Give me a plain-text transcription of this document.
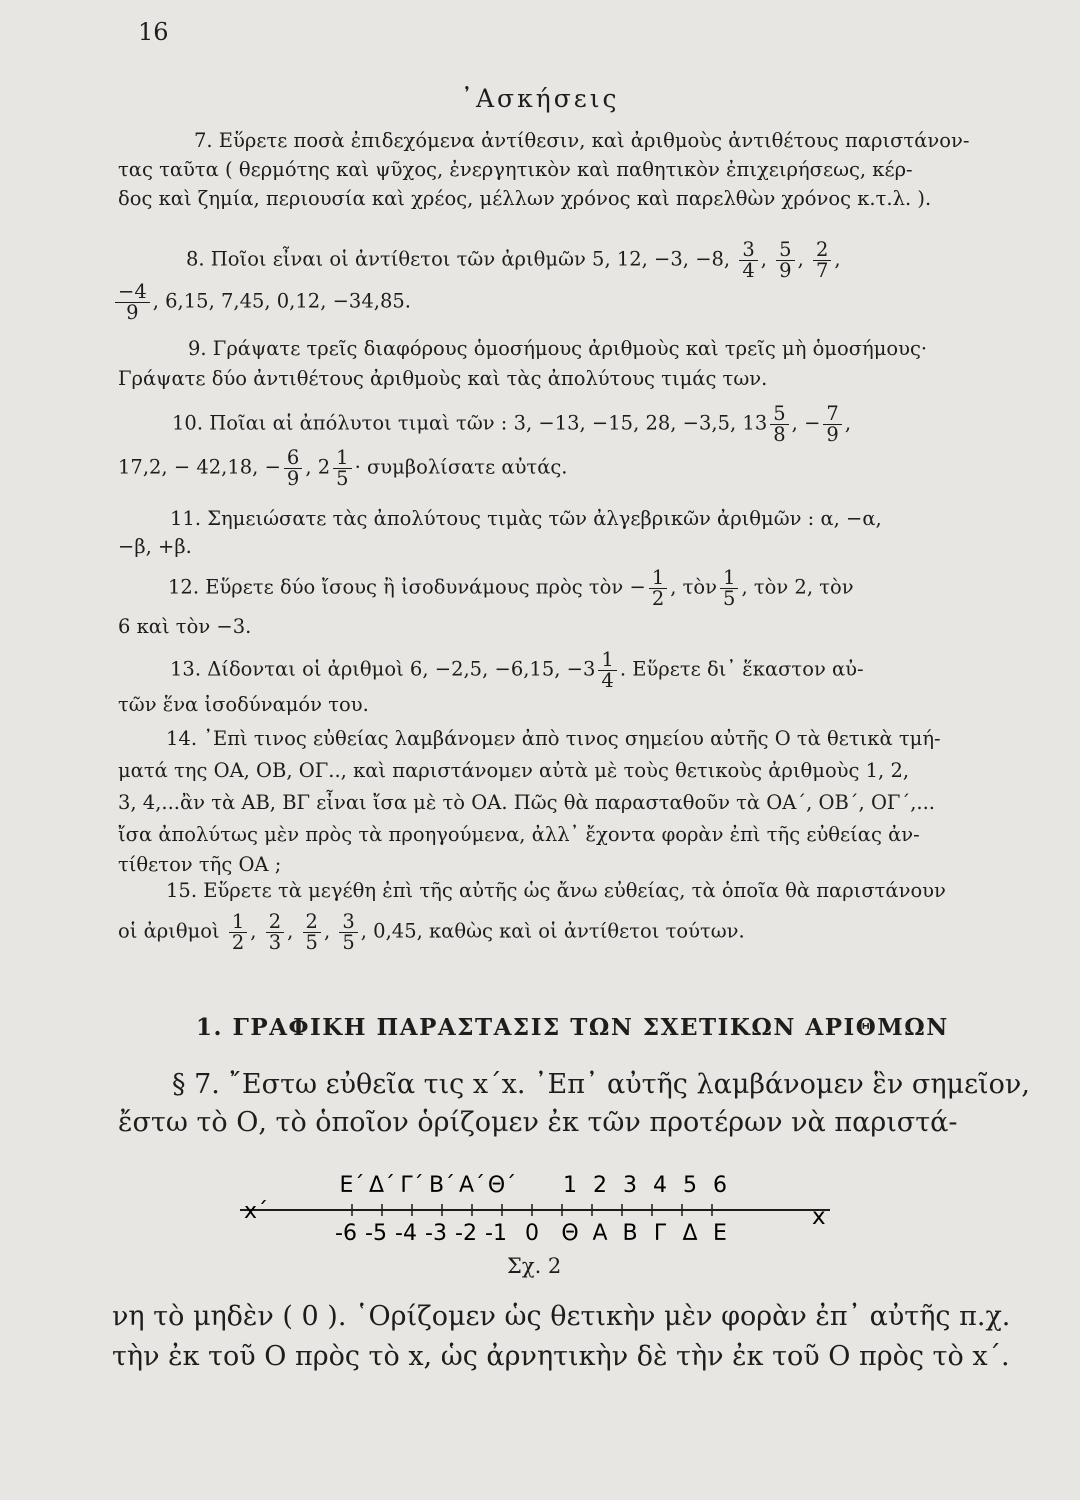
16
᾿Ασκήσεις
7. Εὕρετε ποσὰ ἐπιδεχόμενα ἀντίθεσιν, καὶ ἀριθμοὺς ἀντιθέτους παριστάνον-
τας ταῦτα ( θερμότης καὶ ψῦχος, ἐνεργητικὸν καὶ παθητικὸν ἐπιχειρήσεως, κέρ-
δος καὶ ζημία, περιουσία καὶ χρέος, μέλλων χρόνος καὶ παρελθὼν χρόνος κ.τ.λ. ).
8. Ποῖοι εἶναι οἱ ἀντίθετοι τῶν ἀριθμῶν 5, 12, −3, −8, $\frac{3}{4}$ , $\frac{5}{9}$ , $\frac{2}{7}$ ,
$\frac{-4}{9}$ , 6,15, 7,45, 0,12, −34,85.
9. Γράψατε τρεῖς διαφόρους ὁμοσήμους ἀριθμοὺς καὶ τρεῖς μὴ ὁμοσήμους·
Γράψατε δύο ἀντιθέτους ἀριθμοὺς καὶ τὰς ἀπολύτους τιμάς των.
10. Ποῖαι αἱ ἀπόλυτοι τιμαὶ τῶν : 3, −13, −15, 28, −3,5, $13 \frac{5}{8}$ , − $\frac{7}{9}$ ,
17,2, − 42,18, − $\frac{6}{9}$ , $2 \frac{1}{5} \cdot \sigma\upsilon\mu\beta o\lambda ί\sigma\alpha\tau\varepsilon$ αὐτάς.
11. Σημειώσατε τὰς ἀπολύτους τιμὰς τῶν ἀλγεβρικῶν ἀριθμῶν : α, −α,
−β, +β.
12. Εὕρετε δύο ἴσους ἢ ἰσοδυνάμους πρὸς τὸν − $\frac{1}{2}$ , τὸν $\frac{1}{5}$ , τὸν 2, τὸν
6 καὶ τὸν −3.
13. Δίδονται οἱ ἀριθμοὶ 6, −2,5, −6,15, $-3 \frac{1}{4}$ . Εὕρετε δι᾿ ἕκαστον αὐ-
τῶν ἕνα ἰσοδύναμόν του.
14. ᾿Επὶ τινος εὐθείας λαμβάνομεν ἀπὸ τινος σημείου αὐτῆς Ο τὰ θετικὰ τμή-
ματά της ΟΑ, ΟΒ, ΟΓ.., καὶ παριστάνομεν αὐτὰ μὲ τοὺς θετικοὺς ἀριθμοὺς 1, 2,
3, 4,...ἂν τὰ ΑΒ, ΒΓ εἶναι ἴσα μὲ τὸ ΟΑ. Πῶς θὰ παρασταθοῦν τὰ ΟΑ΄, ΟΒ΄, ΟΓ΄,...
ἴσα ἀπολύτως μὲν πρὸς τὰ προηγούμενα, ἀλλ᾿ ἔχοντα φορὰν ἐπὶ τῆς εὐθείας ἀν-
τίθετον τῆς ΟΑ ;
15. Εὕρετε τὰ μεγέθη ἐπὶ τῆς αὐτῆς ὡς ἄνω εὐθείας, τὰ ὁποῖα θὰ παριστάνουν
οἱ ἀριθμοὶ $\frac{1}{2}$ , $\frac{2}{3}$ , $\frac{2}{5}$ , $\frac{3}{5}$ , 0,45, καθὼς καὶ οἱ ἀντίθετοι τούτων.
1. ΓΡΑΦΙΚΗ ΠΑΡΑΣΤΑΣΙΣ ΤΩΝ ΣΧΕΤΙΚΩΝ ΑΡΙΘΜΩΝ
§ 7. ῎Εστω εὐθεῖα τις x΄x. ᾿Επ᾿ αὐτῆς λαμβάνομεν ἓν σημεῖον,
ἔστω τὸ Ο, τὸ ὁποῖον ὁρίζομεν ἐκ τῶν προτέρων νὰ παριστά-
Ε΄ Δ΄ Γ΄ Β΄ Α΄ Θ΄ 1 2 3 4 5 6
x΄	x
-6 -5 -4 -3 -2 -1 0 Θ Α Β Γ Δ Ε
Σχ. 2
νη τὸ μηδὲν ( 0 ). ῾Ορίζομεν ὡς θετικὴν μὲν φορὰν ἐπ᾿ αὐτῆς π.χ.
τὴν ἐκ τοῦ Ο πρὸς τὸ x, ὡς ἀρνητικὴν δὲ τὴν ἐκ τοῦ Ο πρὸς τὸ x΄.
